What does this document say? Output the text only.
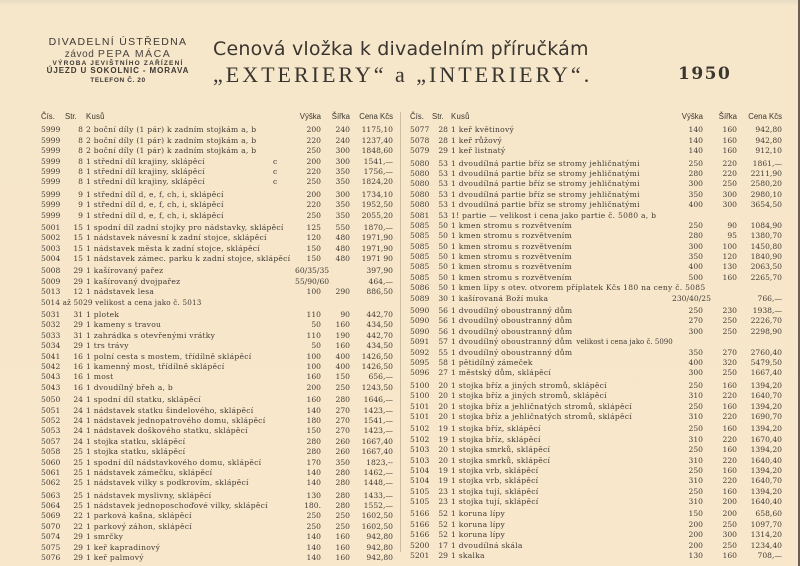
DIVADELNÍ ÚSTŘEDNA
závod PEPA MÁCA
VÝROBA JEVIŠTNÍHO ZAŘÍZENÍ
ÚJEZD U SOKOLNIC - MORAVA
TELEFON Č. 20
Cenová vložka k divadelním příručkám
„EXTERIERY“ a „INTERIERY“.	1950
Čís. Str.	Kusů	Výška	Šířka	Cena Kčs
5999	8 2 boční díly (1 pár) k zadním stojkám a, b	200	240	1175,10
5999	8 2 boční díly (1 pár) k zadním stojkám a, b	220	240	1237,40
5999	8 2 boční díly (1 pár) k zadním stojkám a, b	250	300	1848,60
5999	8 1 střední díl krajiny, sklápěcí	c	200	300	1541,—
5999	8 1 střední díl krajiny, sklápěcí	c	220	350	1756,—
5999	8 1 střední díl krajiny, sklápěcí	c	250	350	1824,20
5999	9 1 střední díl d, e, f, ch, i, sklápěcí	200	300	1734,10
5999	9 1 střední díl d, e, f, ch, i, sklápěcí	220	350	1952,50
5999	9 1 střední díl d, e, f, ch, i, sklápěcí	250	350	2055,20
5001	15 1 spodní díl zadní stojky pro nádstavky, sklápěcí	125	550	1870,—
5002	15 1 nádstavek návesní k zadní stojce, sklápěcí	120	480	1971,90
5003	15 1 nádstavek města k zadní stojce, sklápěcí	150	480	1971,90
5004	15 1 nádstavek zámec. parku k zadní stojce, sklápěcí	150	480	1971 90
5008	29 1 kašírovaný pařez	60/35/35	397,90
5009	29 1 kašírovaný dvojpařez	55/90/60	464,—
5013	12 1 nádstavek lesa	100	290	886,50
5014 až 5029 velikost a cena jako č. 5013
5031	31 1 plotek	110	90	442,70
5032	29 1 kameny s travou	50	160	434,50
5033	31 1 zahrádka s otevřenými vrátky	110	190	442,70
5034	29 1 trs trávy	50	160	434,50
5041	16 1 polní cesta s mostem, třídílně sklápěcí	100	400	1426,50
5042	16 1 kamenný most, třídílně sklápěcí	100	400	1426,50
5043	16 1 most	160	150	656,—
5043	16 1 dvoudílný břeh a, b	200	250	1243,50
5050	24 1 spodní díl statku, sklápěcí	160	280	1646,—
5051	24 1 nádstavek statku šindelového, sklápěcí	140	270	1423,—
5052	24 1 nádstavek jednopatrového domu, sklápěcí	180	270	1541,—
5053	24 1 nádstavek doškového statku, sklápěcí	150	270	1423,—
5057	24 1 stojka statku, sklápěcí	280	260	1667,40
5058	25 1 stojka statku, sklápěcí	280	260	1667,40
5060	25 1 spodní díl nádstavkového domu, sklápěcí	170	350	1823,--
5061	25 1 nádstavek zámečku, sklápěcí	140	280	1462,—
5062	25 1 nádstavek vilky s podkrovím, sklápěcí	140	280	1448,—
5063	25 1 nádstavek myslivny, sklápěcí	130	280	1433,—
5064	25 1 nádstavek jednoposchoďové vilky, sklápěcí	180.	280	1552,—
5069	22 1 parková kašna, sklápěcí	250	250	1602,50
5070	22 1 parkový záhon, sklápěcí	250	250	1602,50
5074	29 1 smrčky	140	160	942,80
5075	29 1 keř kapradinový	140	160	942,80
5076	29 1 keř palmový	140	160	942,80
Čís. Str. Kusů	Výška	Šířka	Cena Kčs
5077	28 1 keř květinový	140	160	942,80
5078	28 1 keř růžový	140	160	942,80
5079	29 1 keř listnatý	140	160	912,10
5080	53 1 dvoudílná partie bříz se stromy jehličnatými	250	220	1861,—
5080	53 1 dvoudílná partie bříz se stromy jehličnatými	280	220	2211,90
5080	53 1 dvoudílná partie bříz se stromy jehličnatými	300	250	2580,20
5080	53 1 dvoudílná partie bříz se stromy jehličnatými	350	300	2980,10
5080	53 1 dvoudílná partie bříz se stromy jehličnatými	400	300	3654,50
5081	53 1! partie — velikost i cena jako partie č. 5080 a, b
5085	50 1 kmen stromu s rozvětvením	250	90	1084,90
5085	50 1 kmen stromu s rozvětvením	280	95	1380,70
5085	50 1 kmen stromu s rozvětvením	300	100	1450,80
5085	50 1 kmen stromu s rozvětvením	350	120	1840,90
5085	50 1 kmen stromu s rozvětvením	400	130	2063,50
5085	50 1 kmen stromu s rozvětvením	500	160	2265,70
5086	50 1 kmen lípy s otev. otvorem příplatek Kčs 180 na ceny č. 5085
5089	30 1 kašírovaná Boží muka	230/40/25	766,—
5090	56 1 dvoudílný oboustranný dům	250	230	1938,—
5090	56 1 dvoudílný oboustranný dům	270	250	2226,70
5090	56 1 dvoudílný oboustranný dům	300	250	2298,90
5091	57 1 dvoudílný oboustranný dům velikost i cena jako č. 5090
5092	55 1 dvoudílný oboustranný dům	350	270	2760,40
5095	58 1 pětidílný zámeček	400	320	5479,50
5096	27 1 městský dům, sklápěcí	300	250	1667,40
5100	20 1 stojka bříz a jiných stromů, sklápěcí	250	160	1394,20
5100	20 1 stojka bříz a jiných stromů, sklápěcí	310	220	1640,70
5101	20 1 stojka bříz a jehličnatých stromů, sklápěcí	250	160	1394,20
5101	20 1 stojka bříz a jehličnatých stromů, sklápěcí	310	220	1690,70
5102	19 1 stojka bříz, sklápěcí	250	160	1394,20
5102	19 1 stojka bříz, sklápěcí	310	220	1670,40
5103	20 1 stojka smrků, sklápěcí	250	160	1394,20
5103	20 1 stojka smrků, sklápěcí	310	220	1640,40
5104	19 1 stojka vrb, sklápěcí	250	160	1394,20
5104	19 1 stojka vrb, sklápěcí	310	220	1640,70
5105	23 1 stojka tují, sklápěcí	250	160	1394,20
5105	23 1 stojka tují, sklápěcí	310	200	1640,40
5166	52 1 koruna lípy	150	200	658,60
5166	52 1 koruna lípy	200	250	1097,70
5166	52 1 koruna lípy	200	300	1314,20
5200	17 1 dvoudílná skála	200	250	1234,40
5201	29 1 skalka	130	160	708,—
